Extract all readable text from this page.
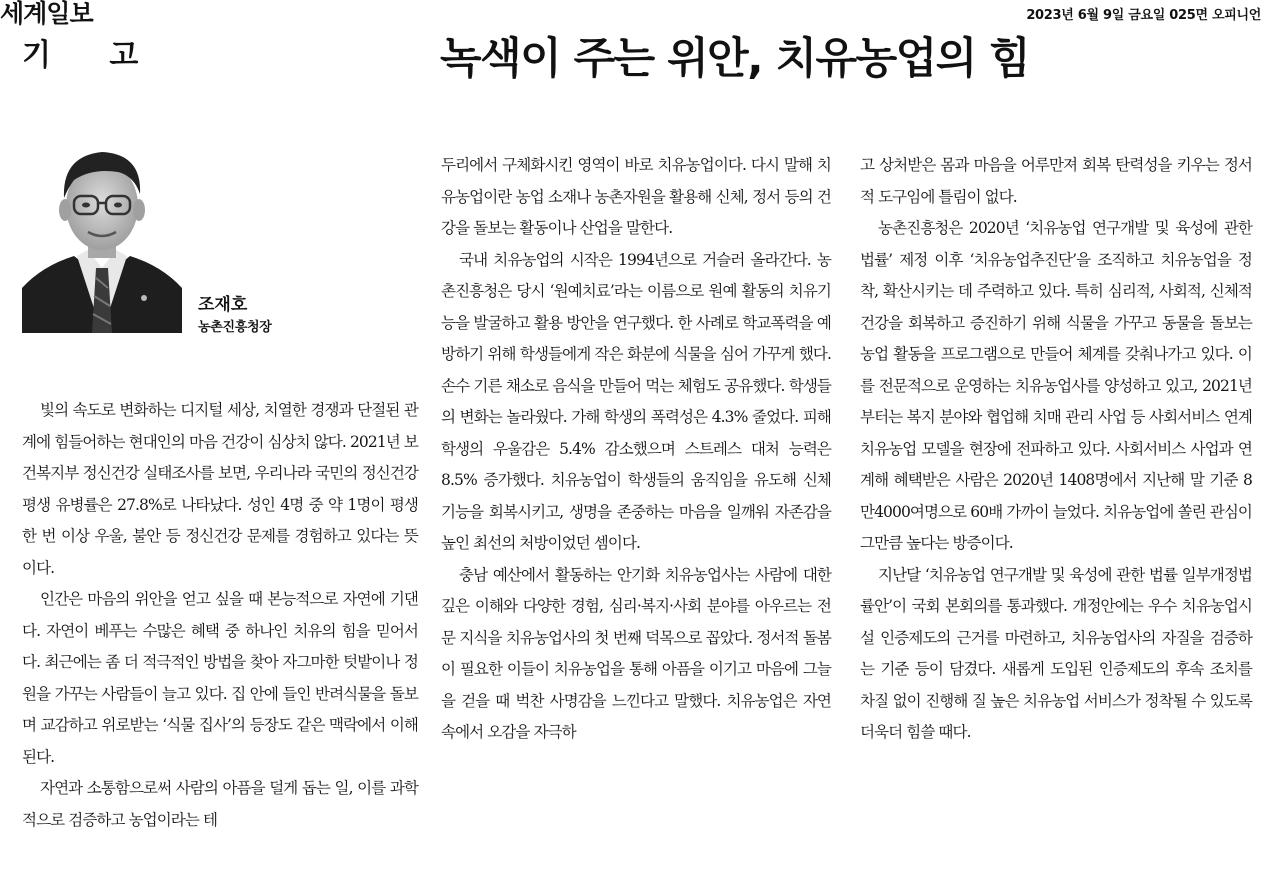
세계일보	2023년 6월 9일 금요일 025면 오피니언
기 고	녹색이 주는 위안, 치유농업의 힘
조재호
농촌진흥청장

빛의 속도로 변화하는 디지털 세상, 치열한 경쟁과 단절된 관계에 힘들어하는 현대인의 마음 건강이 심상치 않다. 2021년 보건복지부 정신건강 실태조사를 보면, 우리나라 국민의 정신건강 평생 유병률은 27.8%로 나타났다. 성인 4명 중 약 1명이 평생 한 번 이상 우울, 불안 등 정신건강 문제를 경험하고 있다는 뜻이다.

인간은 마음의 위안을 얻고 싶을 때 본능적으로 자연에 기댄다. 자연이 베푸는 수많은 혜택 중 하나인 치유의 힘을 믿어서다. 최근에는 좀 더 적극적인 방법을 찾아 자그마한 텃밭이나 정원을 가꾸는 사람들이 늘고 있다. 집 안에 들인 반려식물을 돌보며 교감하고 위로받는 ‘식물 집사’의 등장도 같은 맥락에서 이해된다.

자연과 소통함으로써 사람의 아픔을 덜게 돕는 일, 이를 과학적으로 검증하고 농업이라는 테

두리에서 구체화시킨 영역이 바로 치유농업이다. 다시 말해 치유농업이란 농업 소재나 농촌자원을 활용해 신체, 정서 등의 건강을 돌보는 활동이나 산업을 말한다.

국내 치유농업의 시작은 1994년으로 거슬러 올라간다. 농촌진흥청은 당시 ‘원예치료’라는 이름으로 원예 활동의 치유기능을 발굴하고 활용 방안을 연구했다. 한 사례로 학교폭력을 예방하기 위해 학생들에게 작은 화분에 식물을 심어 가꾸게 했다. 손수 기른 채소로 음식을 만들어 먹는 체험도 공유했다. 학생들의 변화는 놀라웠다. 가해 학생의 폭력성은 4.3% 줄었다. 피해 학생의 우울감은 5.4% 감소했으며 스트레스 대처 능력은 8.5% 증가했다. 치유농업이 학생들의 움직임을 유도해 신체 기능을 회복시키고, 생명을 존중하는 마음을 일깨워 자존감을 높인 최선의 처방이었던 셈이다.

충남 예산에서 활동하는 안기화 치유농업사는 사람에 대한 깊은 이해와 다양한 경험, 심리·복지·사회 분야를 아우르는 전문 지식을 치유농업사의 첫 번째 덕목으로 꼽았다. 정서적 돌봄이 필요한 이들이 치유농업을 통해 아픔을 이기고 마음에 그늘을 걷을 때 벅찬 사명감을 느낀다고 말했다. 치유농업은 자연 속에서 오감을 자극하

고 상처받은 몸과 마음을 어루만져 회복 탄력성을 키우는 정서적 도구임에 틀림이 없다.

농촌진흥청은 2020년 ‘치유농업 연구개발 및 육성에 관한 법률’ 제정 이후 ‘치유농업추진단’을 조직하고 치유농업을 정착, 확산시키는 데 주력하고 있다. 특히 심리적, 사회적, 신체적 건강을 회복하고 증진하기 위해 식물을 가꾸고 동물을 돌보는 농업 활동을 프로그램으로 만들어 체계를 갖춰나가고 있다. 이를 전문적으로 운영하는 치유농업사를 양성하고 있고, 2021년부터는 복지 분야와 협업해 치매 관리 사업 등 사회서비스 연계 치유농업 모델을 현장에 전파하고 있다. 사회서비스 사업과 연계해 혜택받은 사람은 2020년 1408명에서 지난해 말 기준 8만4000여명으로 60배 가까이 늘었다. 치유농업에 쏠린 관심이 그만큼 높다는 방증이다.

지난달 ‘치유농업 연구개발 및 육성에 관한 법률 일부개정법률안’이 국회 본회의를 통과했다. 개정안에는 우수 치유농업시설 인증제도의 근거를 마련하고, 치유농업사의 자질을 검증하는 기준 등이 담겼다. 새롭게 도입된 인증제도의 후속 조치를 차질 없이 진행해 질 높은 치유농업 서비스가 정착될 수 있도록 더욱더 힘쓸 때다.
